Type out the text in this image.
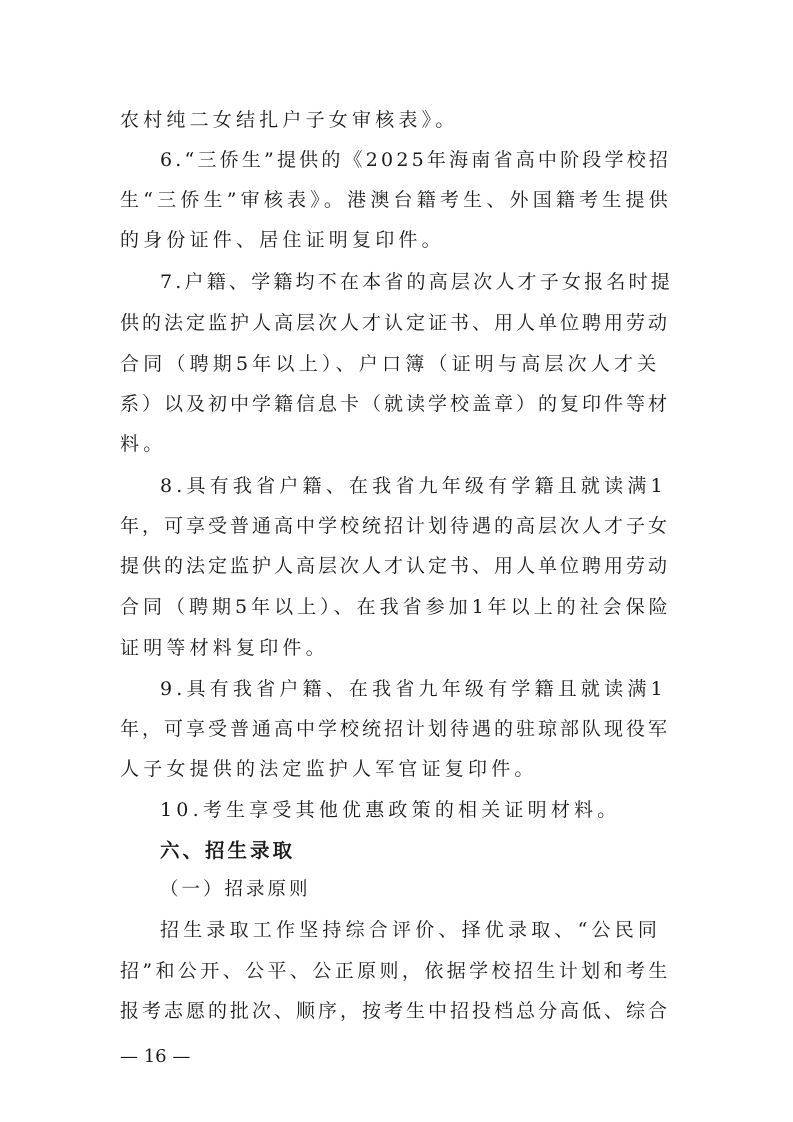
农村纯二女结扎户子女审核表》。
6.“三侨生”提供的《2025年海南省高中阶段学校招
生“三侨生”审核表》。港澳台籍考生、外国籍考生提供
的身份证件、居住证明复印件。
7.户籍、学籍均不在本省的高层次人才子女报名时提
供的法定监护人高层次人才认定证书、用人单位聘用劳动
合同（聘期5年以上）、户口簿（证明与高层次人才关
系）以及初中学籍信息卡（就读学校盖章）的复印件等材
料。
8.具有我省户籍、在我省九年级有学籍且就读满1
年，可享受普通高中学校统招计划待遇的高层次人才子女
提供的法定监护人高层次人才认定书、用人单位聘用劳动
合同（聘期5年以上）、在我省参加1年以上的社会保险
证明等材料复印件。
9.具有我省户籍、在我省九年级有学籍且就读满1
年，可享受普通高中学校统招计划待遇的驻琼部队现役军
人子女提供的法定监护人军官证复印件。
10.考生享受其他优惠政策的相关证明材料。
六、招生录取
（一）招录原则
招生录取工作坚持综合评价、择优录取、“公民同
招”和公开、公平、公正原则，依据学校招生计划和考生
报考志愿的批次、顺序，按考生中招投档总分高低、综合
— 16 —
